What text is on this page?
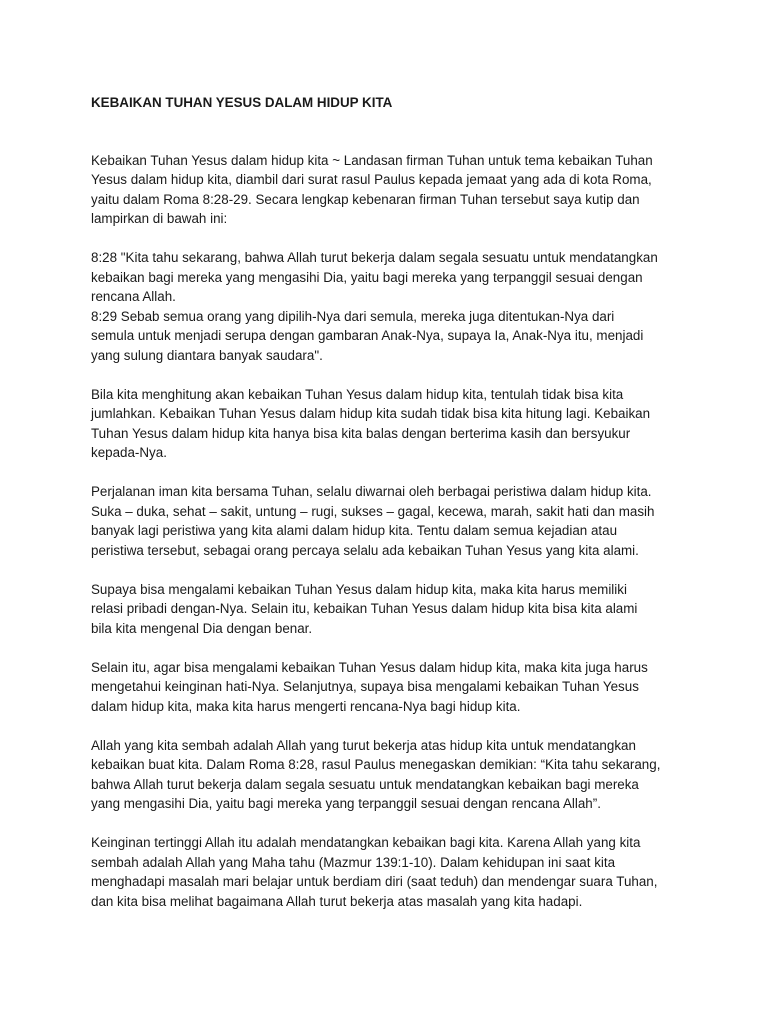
KEBAIKAN TUHAN YESUS DALAM HIDUP KITA
Kebaikan Tuhan Yesus dalam hidup kita ~ Landasan firman Tuhan untuk tema kebaikan Tuhan
Yesus dalam hidup kita, diambil dari surat rasul Paulus kepada jemaat yang ada di kota Roma,
yaitu dalam Roma 8:28-29. Secara lengkap kebenaran firman Tuhan tersebut saya kutip dan
lampirkan di bawah ini:
8:28 "Kita tahu sekarang, bahwa Allah turut bekerja dalam segala sesuatu untuk mendatangkan
kebaikan bagi mereka yang mengasihi Dia, yaitu bagi mereka yang terpanggil sesuai dengan
rencana Allah.
8:29 Sebab semua orang yang dipilih-Nya dari semula, mereka juga ditentukan-Nya dari
semula untuk menjadi serupa dengan gambaran Anak-Nya, supaya Ia, Anak-Nya itu, menjadi
yang sulung diantara banyak saudara".
Bila kita menghitung akan kebaikan Tuhan Yesus dalam hidup kita, tentulah tidak bisa kita
jumlahkan. Kebaikan Tuhan Yesus dalam hidup kita sudah tidak bisa kita hitung lagi. Kebaikan
Tuhan Yesus dalam hidup kita hanya bisa kita balas dengan berterima kasih dan bersyukur
kepada-Nya.
Perjalanan iman kita bersama Tuhan, selalu diwarnai oleh berbagai peristiwa dalam hidup kita.
Suka – duka, sehat – sakit, untung – rugi, sukses – gagal, kecewa, marah, sakit hati dan masih
banyak lagi peristiwa yang kita alami dalam hidup kita. Tentu dalam semua kejadian atau
peristiwa tersebut, sebagai orang percaya selalu ada kebaikan Tuhan Yesus yang kita alami.
Supaya bisa mengalami kebaikan Tuhan Yesus dalam hidup kita, maka kita harus memiliki
relasi pribadi dengan-Nya. Selain itu, kebaikan Tuhan Yesus dalam hidup kita bisa kita alami
bila kita mengenal Dia dengan benar.
Selain itu, agar bisa mengalami kebaikan Tuhan Yesus dalam hidup kita, maka kita juga harus
mengetahui keinginan hati-Nya. Selanjutnya, supaya bisa mengalami kebaikan Tuhan Yesus
dalam hidup kita, maka kita harus mengerti rencana-Nya bagi hidup kita.
Allah yang kita sembah adalah Allah yang turut bekerja atas hidup kita untuk mendatangkan
kebaikan buat kita. Dalam Roma 8:28, rasul Paulus menegaskan demikian: “Kita tahu sekarang,
bahwa Allah turut bekerja dalam segala sesuatu untuk mendatangkan kebaikan bagi mereka
yang mengasihi Dia, yaitu bagi mereka yang terpanggil sesuai dengan rencana Allah”.
Keinginan tertinggi Allah itu adalah mendatangkan kebaikan bagi kita. Karena Allah yang kita
sembah adalah Allah yang Maha tahu (Mazmur 139:1-10). Dalam kehidupan ini saat kita
menghadapi masalah mari belajar untuk berdiam diri (saat teduh) dan mendengar suara Tuhan,
dan kita bisa melihat bagaimana Allah turut bekerja atas masalah yang kita hadapi.
